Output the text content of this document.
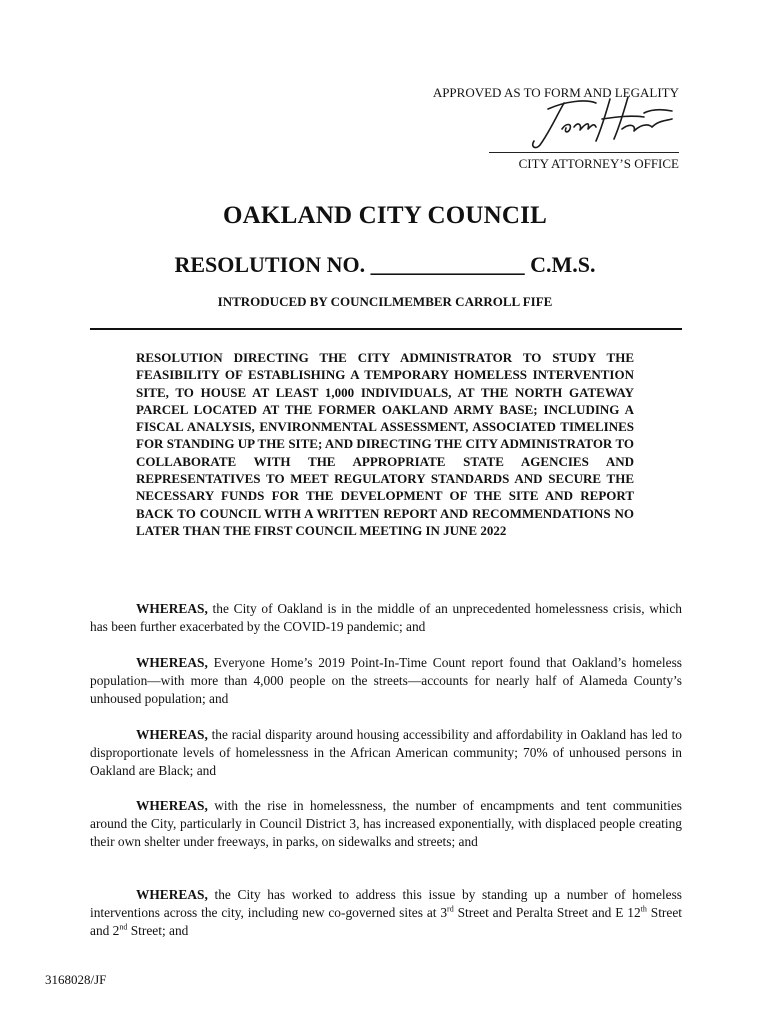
APPROVED AS TO FORM AND LEGALITY
CITY ATTORNEY’S OFFICE
OAKLAND CITY COUNCIL
RESOLUTION NO. ______________ C.M.S.
INTRODUCED BY COUNCILMEMBER CARROLL FIFE
RESOLUTION DIRECTING THE CITY ADMINISTRATOR TO STUDY THE FEASIBILITY OF ESTABLISHING A TEMPORARY HOMELESS INTERVENTION SITE, TO HOUSE AT LEAST 1,000 INDIVIDUALS, AT THE NORTH GATEWAY PARCEL LOCATED AT THE FORMER OAKLAND ARMY BASE; INCLUDING A FISCAL ANALYSIS, ENVIRONMENTAL ASSESSMENT, ASSOCIATED TIMELINES FOR STANDING UP THE SITE; AND DIRECTING THE CITY ADMINISTRATOR TO COLLABORATE WITH THE APPROPRIATE STATE AGENCIES AND REPRESENTATIVES TO MEET REGULATORY STANDARDS AND SECURE THE NECESSARY FUNDS FOR THE DEVELOPMENT OF THE SITE AND REPORT BACK TO COUNCIL WITH A WRITTEN REPORT AND RECOMMENDATIONS NO LATER THAN THE FIRST COUNCIL MEETING IN JUNE 2022
WHEREAS, the City of Oakland is in the middle of an unprecedented homelessness crisis, which has been further exacerbated by the COVID-19 pandemic; and
WHEREAS, Everyone Home’s 2019 Point-In-Time Count report found that Oakland’s homeless population—with more than 4,000 people on the streets—accounts for nearly half of Alameda County’s unhoused population; and
WHEREAS, the racial disparity around housing accessibility and affordability in Oakland has led to disproportionate levels of homelessness in the African American community; 70% of unhoused persons in Oakland are Black; and
WHEREAS, with the rise in homelessness, the number of encampments and tent communities around the City, particularly in Council District 3, has increased exponentially, with displaced people creating their own shelter under freeways, in parks, on sidewalks and streets; and
WHEREAS, the City has worked to address this issue by standing up a number of homeless interventions across the city, including new co-governed sites at 3rd Street and Peralta Street and E 12th Street and 2nd Street; and
3168028/JF
